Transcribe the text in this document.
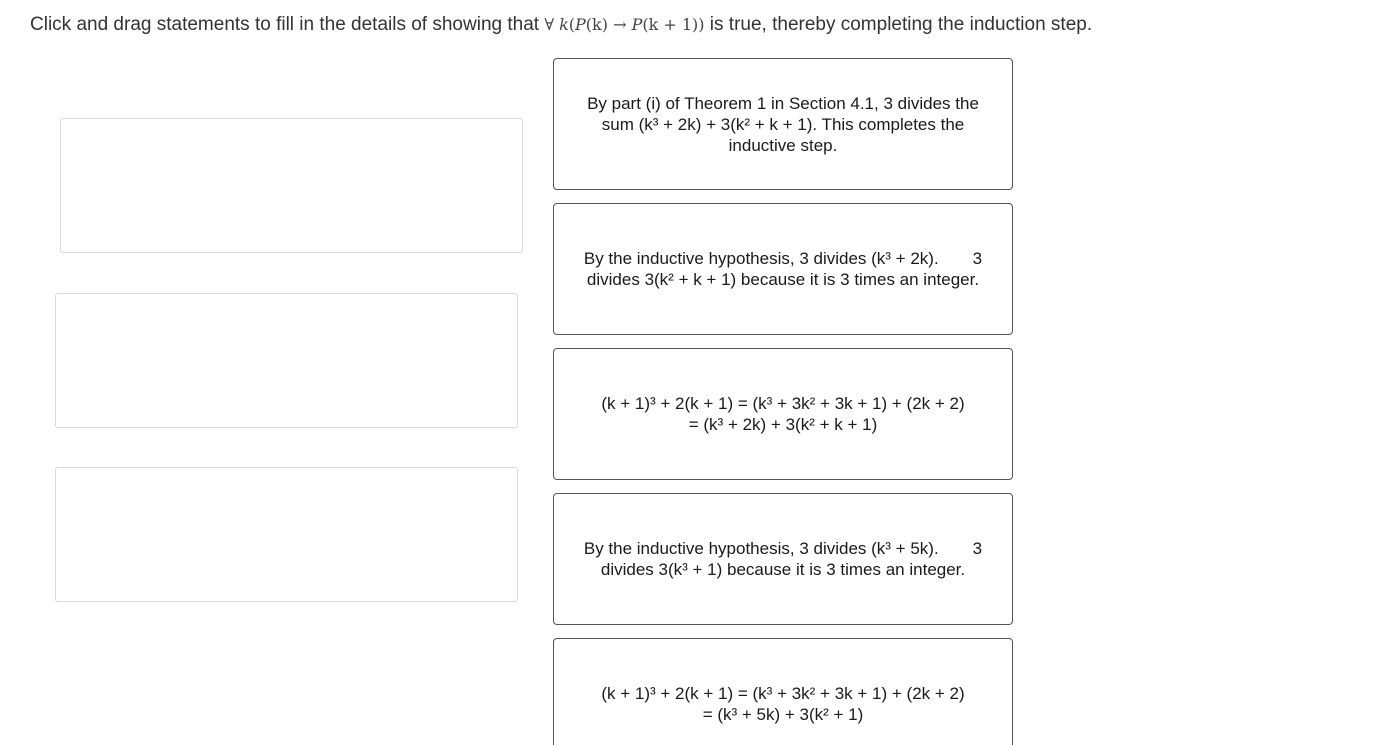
Click and drag statements to fill in the details of showing that ∀ k(P(k) → P(k + 1)) is true, thereby completing the induction step.
By part (i) of Theorem 1 in Section 4.1, 3 divides the
sum (k³ + 2k) + 3(k² + k + 1). This completes the
inductive step.
By the inductive hypothesis, 3 divides (k³ + 2k). 3
divides 3(k² + k + 1) because it is 3 times an integer.
(k + 1)³ + 2(k + 1) = (k³ + 3k² + 3k + 1) + (2k + 2)
= (k³ + 2k) + 3(k² + k + 1)
By the inductive hypothesis, 3 divides (k³ + 5k). 3
divides 3(k³ + 1) because it is 3 times an integer.
(k + 1)³ + 2(k + 1) = (k³ + 3k² + 3k + 1) + (2k + 2)
= (k³ + 5k) + 3(k² + 1)
